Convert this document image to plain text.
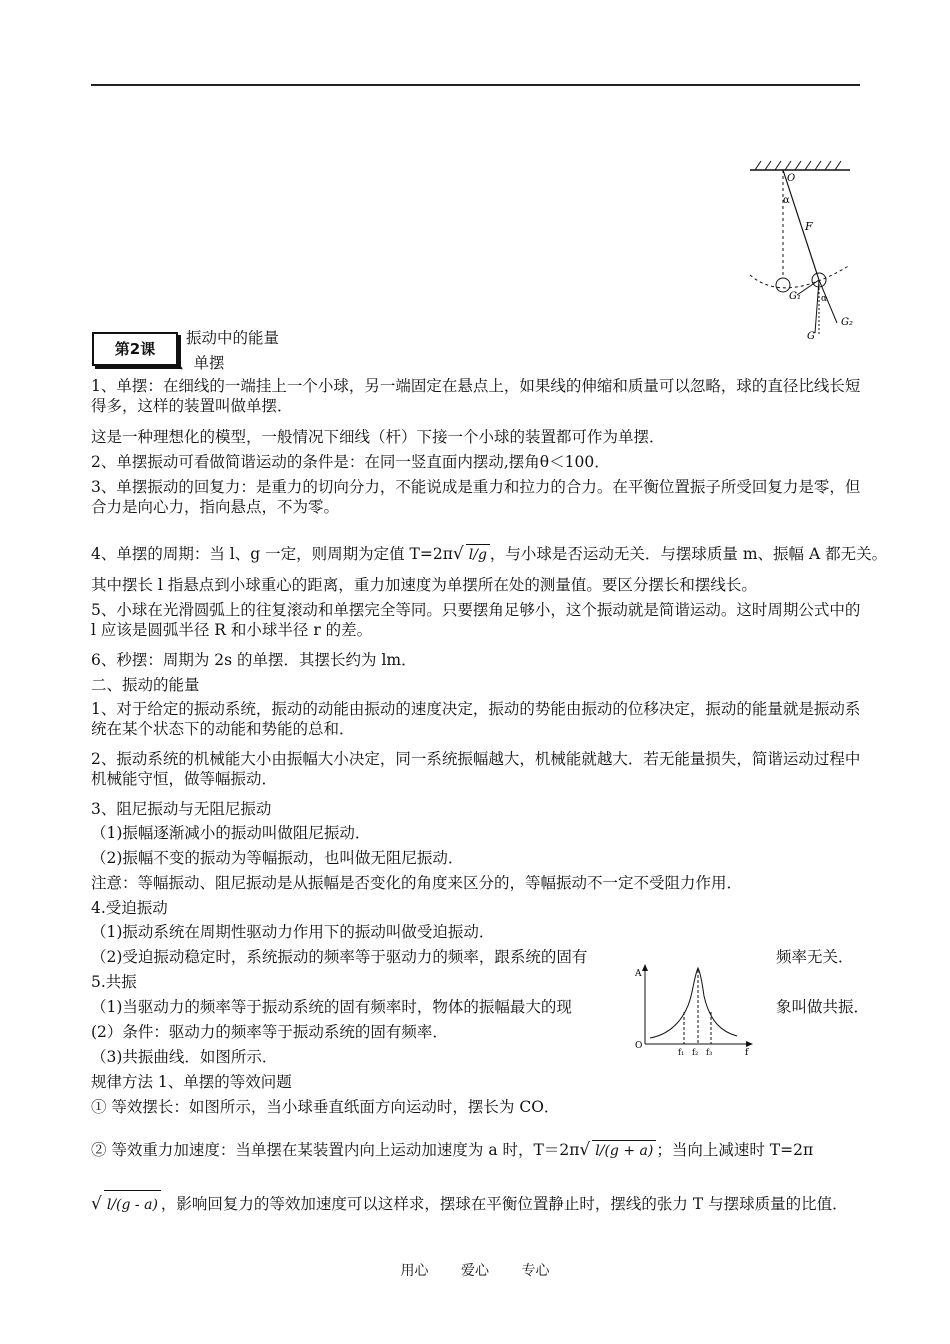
O
α
F
G₁
G₂
G
α
第2课
振动中的能量
、单摆
1、单摆：在细线的一端挂上一个小球，另一端固定在悬点上，如果线的伸缩和质量可以忽略，球的直径比线长短得多，这样的装置叫做单摆．
这是一种理想化的模型，一般情况下细线（杆）下接一个小球的装置都可作为单摆．
2、单摆振动可看做简谐运动的条件是：在同一竖直面内摆动,摆角θ＜100．
3、单摆振动的回复力：是重力的切向分力，不能说成是重力和拉力的合力。在平衡位置振子所受回复力是零，但合力是向心力，指向悬点，不为零。
4、单摆的周期：当 l、g 一定，则周期为定值 T=2π√ l/g ，与小球是否运动无关．与摆球质量 m、振幅 A 都无关。
其中摆长 l 指悬点到小球重心的距离，重力加速度为单摆所在处的测量值。要区分摆长和摆线长。
5、小球在光滑圆弧上的往复滚动和单摆完全等同。只要摆角足够小，这个振动就是简谐运动。这时周期公式中的 l 应该是圆弧半径 R 和小球半径 r 的差。
6、秒摆：周期为 2s 的单摆．其摆长约为 lm．
二、振动的能量
1、对于给定的振动系统，振动的动能由振动的速度决定，振动的势能由振动的位移决定，振动的能量就是振动系统在某个状态下的动能和势能的总和．
2、振动系统的机械能大小由振幅大小决定，同一系统振幅越大，机械能就越大．若无能量损失，简谐运动过程中机械能守恒，做等幅振动．
3、阻尼振动与无阻尼振动
（1)振幅逐渐减小的振动叫做阻尼振动．
（2)振幅不变的振动为等幅振动，也叫做无阻尼振动．
注意：等幅振动、阻尼振动是从振幅是否变化的角度来区分的，等幅振动不一定不受阻力作用．
4.受迫振动
（1)振动系统在周期性驱动力作用下的振动叫做受迫振动．
（2)受迫振动稳定时，系统振动的频率等于驱动力的频率，跟系统的固有	频率无关．
5.共振
（1)当驱动力的频率等于振动系统的固有频率时，物体的振幅最大的现	象叫做共振．
(2）条件：驱动力的频率等于振动系统的固有频率．
（3)共振曲线．如图所示．
规律方法 1、单摆的等效问题
① 等效摆长：如图所示，当小球垂直纸面方向运动时，摆长为 CO．
② 等效重力加速度：当单摆在某装置内向上运动加速度为 a 时，T＝2π√ l/(g + a) ；当向上减速时 T=2π
√ l/(g - a) ，影响回复力的等效加速度可以这样求，摆球在平衡位置静止时，摆线的张力 T 与摆球质量的比值．
A
O
f₁ f₂ f₃	f
用心 爱心 专心
